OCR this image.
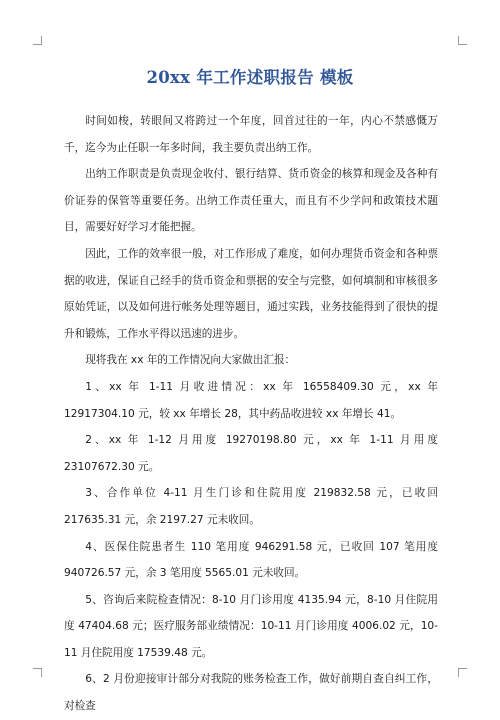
20xx 年工作述职报告 模板

时间如梭，转眼间又将跨过一个年度，回首过往的一年，内心不禁感慨万千，迄今为止任职一年多时间，我主要负责出纳工作。

出纳工作职责是负责现金收付、银行结算、货币资金的核算和现金及各种有价证券的保管等重要任务。出纳工作责任重大，而且有不少学问和政策技术题目，需要好好学习才能把握。

因此，工作的效率很一般，对工作形成了难度，如何办理货币资金和各种票据的收进，保证自己经手的货币资金和票据的安全与完整，如何填制和审核很多原始凭证，以及如何进行帐务处理等题目，通过实践，业务技能得到了很快的提升和锻炼，工作水平得以迅速的进步。

现将我在 xx 年的工作情况向大家做出汇报：

1、xx 年 1-11 月收进情况：xx 年 16558409.30 元，xx 年 12917304.10 元，较 xx 年增长 28，其中药品收进较 xx 年增长 41。

2、xx 年 1-12 月用度 19270198.80 元，xx 年 1-11 月用度 23107672.30 元。

3、合作单位 4-11 月生门诊和住院用度 219832.58 元，已收回 217635.31 元，余 2197.27 元未收回。

4、医保住院患者生 110 笔用度 946291.58 元，已收回 107 笔用度 940726.57 元，余 3 笔用度 5565.01 元未收回。

5、咨询后来院检查情况：8-10 月门诊用度 4135.94 元，8-10 月住院用度 47404.68 元；医疗服务部业绩情况：10-11 月门诊用度 4006.02 元，10-11 月住院用度 17539.48 元。

6、2 月份迎接审计部分对我院的账务检查工作，做好前期自查自纠工作，对检查
